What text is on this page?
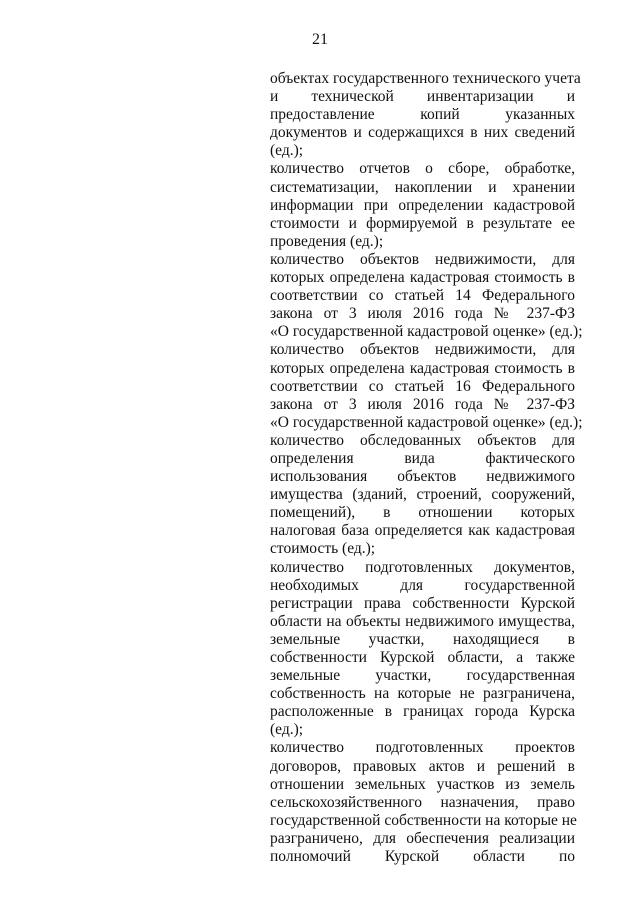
21
объектах государственного технического учета
и технической инвентаризации и
предоставление копий указанных
документов и содержащихся в них сведений
(ед.);
количество отчетов о сборе, обработке,
систематизации, накоплении и хранении
информации при определении кадастровой
стоимости и формируемой в результате ее
проведения (ед.);
количество объектов недвижимости, для
которых определена кадастровая стоимость в
соответствии со статьей 14 Федерального
закона от 3 июля 2016 года № 237-ФЗ
«О государственной кадастровой оценке» (ед.);
количество объектов недвижимости, для
которых определена кадастровая стоимость в
соответствии со статьей 16 Федерального
закона от 3 июля 2016 года № 237-ФЗ
«О государственной кадастровой оценке» (ед.);
количество обследованных объектов для
определения вида фактического
использования объектов недвижимого
имущества (зданий, строений, сооружений,
помещений), в отношении которых
налоговая база определяется как кадастровая
стоимость (ед.);
количество подготовленных документов,
необходимых для государственной
регистрации права собственности Курской
области на объекты недвижимого имущества,
земельные участки, находящиеся в
собственности Курской области, а также
земельные участки, государственная
собственность на которые не разграничена,
расположенные в границах города Курска
(ед.);
количество подготовленных проектов
договоров, правовых актов и решений в
отношении земельных участков из земель
сельскохозяйственного назначения, право
государственной собственности на которые не
разграничено, для обеспечения реализации
полномочий Курской области по
